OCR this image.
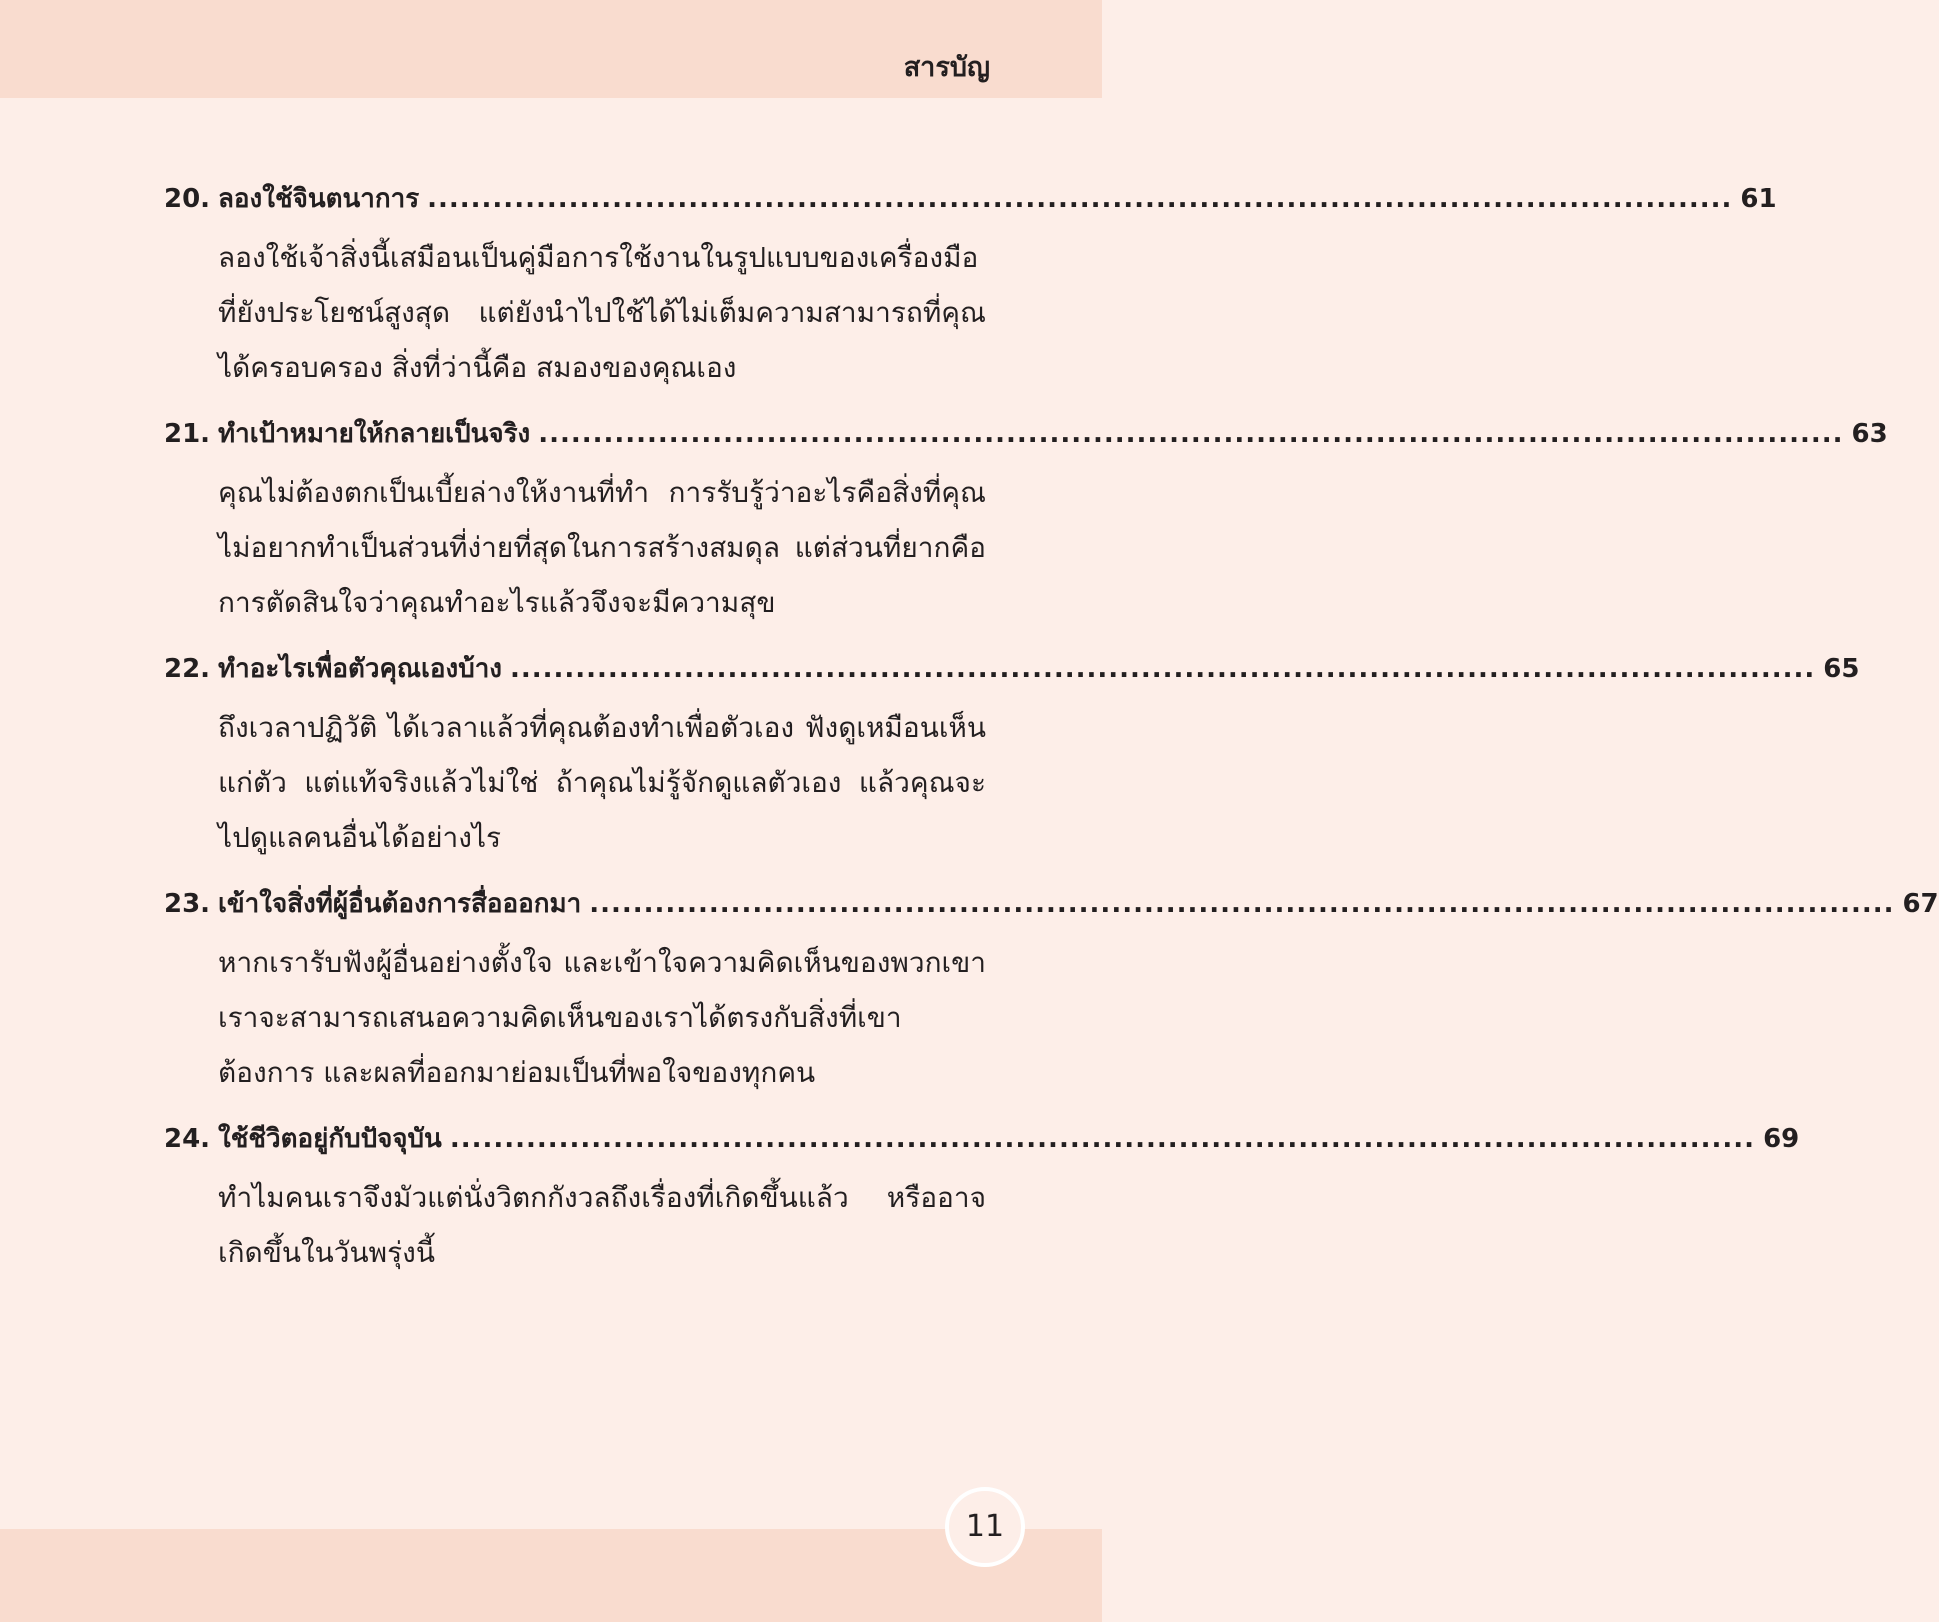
สารบัญ
20. ลองใช้จินตนาการ ........................................................................................................................ 61

ลองใช้เจ้าสิ่งนี้เสมือนเป็นคู่มือการใช้งานในรูปแบบของเครื่องมือที่ยังประโยชน์สูงสุด แต่ยังนำไปใช้ได้ไม่เต็มความสามารถที่คุณได้ครอบครอง สิ่งที่ว่านี้คือ สมองของคุณเอง

21. ทำเป้าหมายให้กลายเป็นจริง ........................................................................................................................ 63

คุณไม่ต้องตกเป็นเบี้ยล่างให้งานที่ทำ การรับรู้ว่าอะไรคือสิ่งที่คุณไม่อยากทำเป็นส่วนที่ง่ายที่สุดในการสร้างสมดุล แต่ส่วนที่ยากคือการตัดสินใจว่าคุณทำอะไรแล้วจึงจะมีความสุข

22. ทำอะไรเพื่อตัวคุณเองบ้าง ........................................................................................................................ 65

ถึงเวลาปฏิวัติ ได้เวลาแล้วที่คุณต้องทำเพื่อตัวเอง ฟังดูเหมือนเห็นแก่ตัว แต่แท้จริงแล้วไม่ใช่ ถ้าคุณไม่รู้จักดูแลตัวเอง แล้วคุณจะไปดูแลคนอื่นได้อย่างไร

23. เข้าใจสิ่งที่ผู้อื่นต้องการสื่อออกมา ........................................................................................................................ 67

หากเรารับฟังผู้อื่นอย่างตั้งใจ และเข้าใจความคิดเห็นของพวกเขา เราจะสามารถเสนอความคิดเห็นของเราได้ตรงกับสิ่งที่เขาต้องการ และผลที่ออกมาย่อมเป็นที่พอใจของทุกคน

24. ใช้ชีวิตอยู่กับปัจจุบัน ........................................................................................................................ 69

ทำไมคนเราจึงมัวแต่นั่งวิตกกังวลถึงเรื่องที่เกิดขึ้นแล้ว หรืออาจเกิดขึ้นในวันพรุ่งนี้

11
